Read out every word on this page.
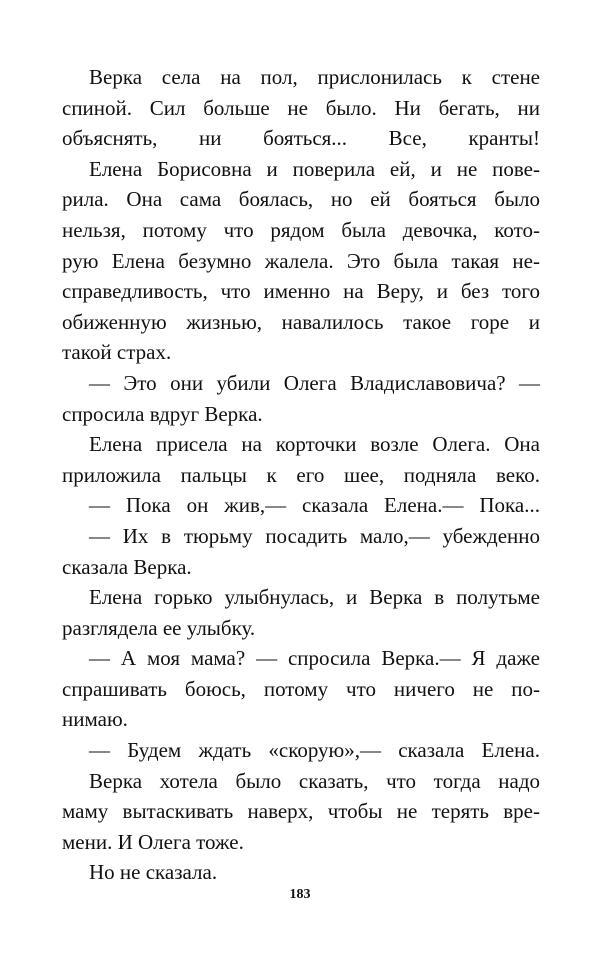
Верка села на пол, прислонилась к стене
спиной. Сил больше не было. Ни бегать, ни
объяснять, ни бояться... Все, кранты!
Елена Борисовна и поверила ей, и не пове-
рила. Она сама боялась, но ей бояться было
нельзя, потому что рядом была девочка, кото-
рую Елена безумно жалела. Это была такая не-
справедливость, что именно на Веру, и без того
обиженную жизнью, навалилось такое горе и
такой страх.
— Это они убили Олега Владиславовича? —
спросила вдруг Верка.
Елена присела на корточки возле Олега. Она
приложила пальцы к его шее, подняла веко.
— Пока он жив,— сказала Елена.— Пока...
— Их в тюрьму посадить мало,— убежденно
сказала Верка.
Елена горько улыбнулась, и Верка в полутьме
разглядела ее улыбку.
— А моя мама? — спросила Верка.— Я даже
спрашивать боюсь, потому что ничего не по-
нимаю.
— Будем ждать «скорую»,— сказала Елена.
Верка хотела было сказать, что тогда надо
маму вытаскивать наверх, чтобы не терять вре-
мени. И Олега тоже.
Но не сказала.
183
